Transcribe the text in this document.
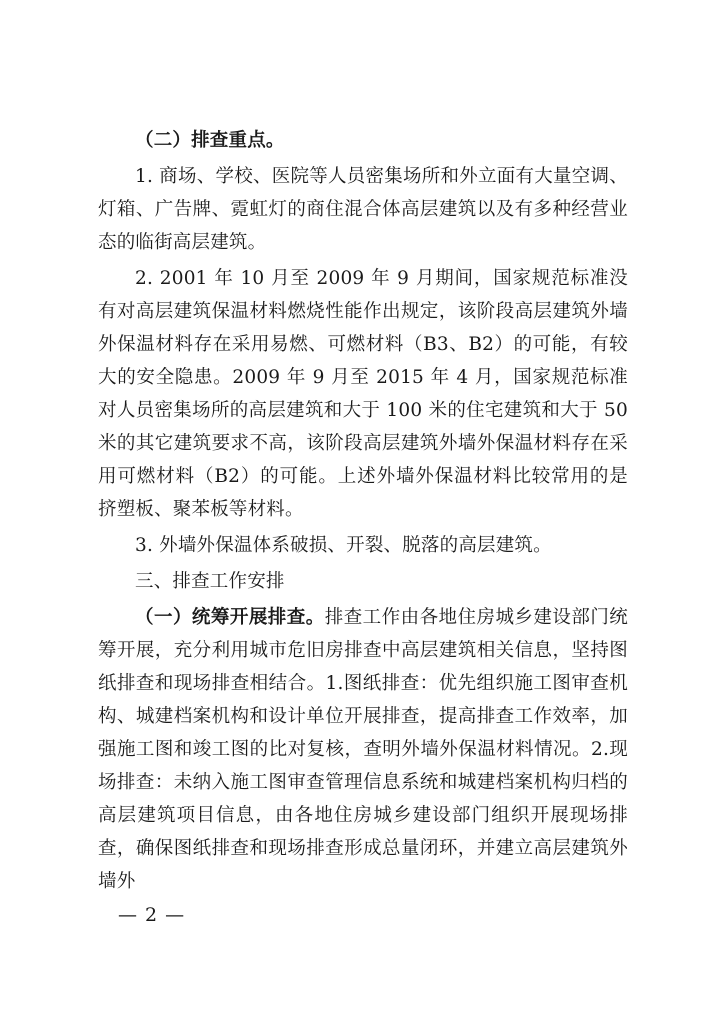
（二）排查重点。

1. 商场、学校、医院等人员密集场所和外立面有大量空调、灯箱、广告牌、霓虹灯的商住混合体高层建筑以及有多种经营业态的临街高层建筑。

2. 2001 年 10 月至 2009 年 9 月期间，国家规范标准没有对高层建筑保温材料燃烧性能作出规定，该阶段高层建筑外墙外保温材料存在采用易燃、可燃材料（B3、B2）的可能，有较大的安全隐患。2009 年 9 月至 2015 年 4 月，国家规范标准对人员密集场所的高层建筑和大于 100 米的住宅建筑和大于 50 米的其它建筑要求不高，该阶段高层建筑外墙外保温材料存在采用可燃材料（B2）的可能。上述外墙外保温材料比较常用的是挤塑板、聚苯板等材料。

3. 外墙外保温体系破损、开裂、脱落的高层建筑。

三、排查工作安排

（一）统筹开展排查。排查工作由各地住房城乡建设部门统筹开展，充分利用城市危旧房排查中高层建筑相关信息，坚持图纸排查和现场排查相结合。1.图纸排查：优先组织施工图审查机构、城建档案机构和设计单位开展排查，提高排查工作效率，加强施工图和竣工图的比对复核，查明外墙外保温材料情况。2.现场排查：未纳入施工图审查管理信息系统和城建档案机构归档的高层建筑项目信息，由各地住房城乡建设部门组织开展现场排查，确保图纸排查和现场排查形成总量闭环，并建立高层建筑外墙外

— 2 —
